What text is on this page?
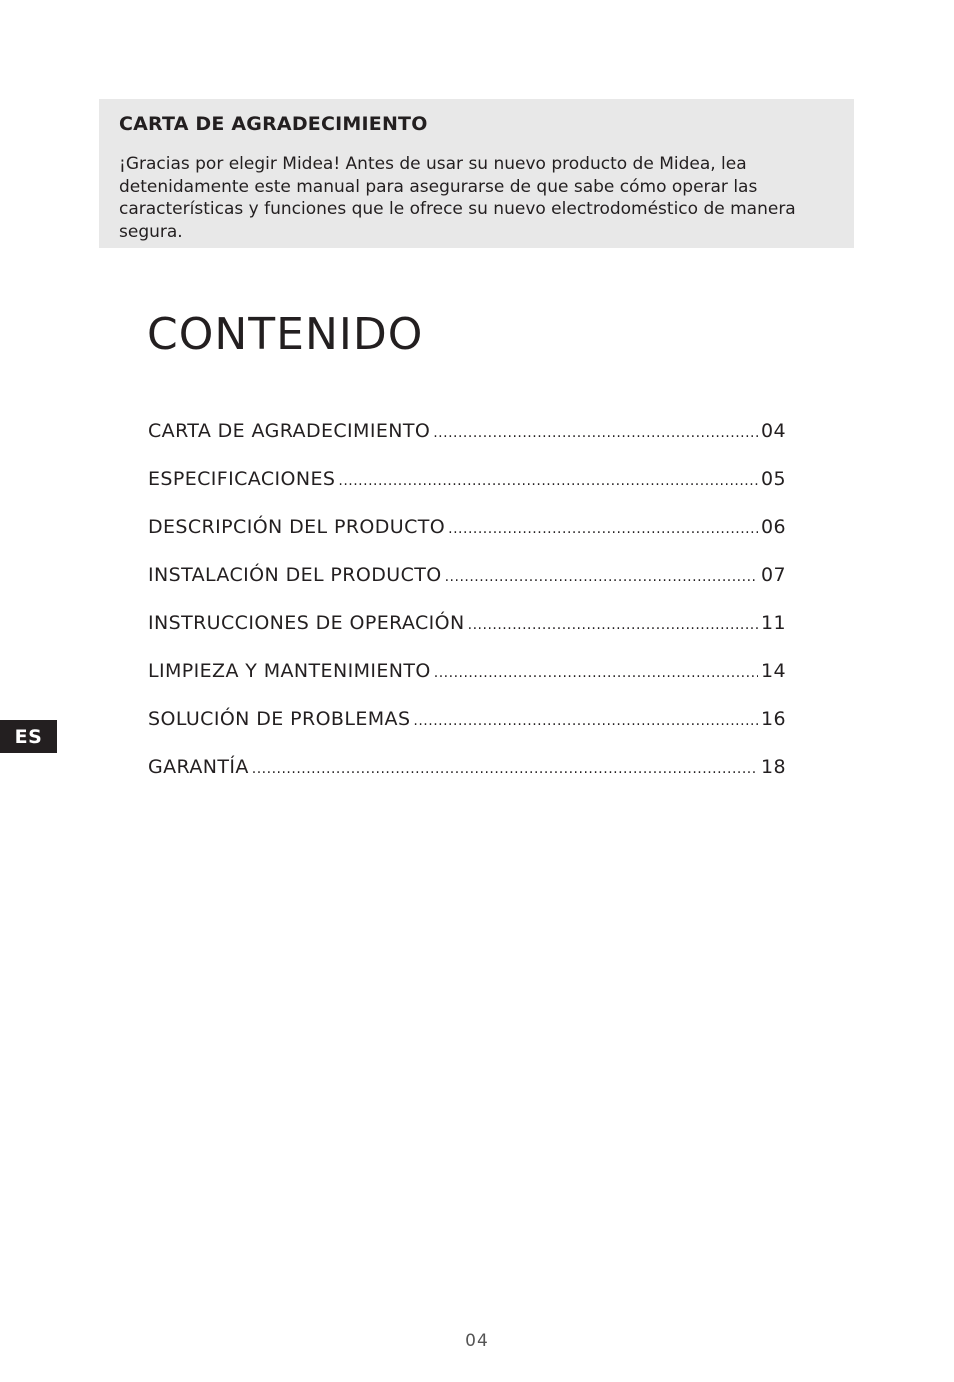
CARTA DE AGRADECIMIENTO

¡Gracias por elegir Midea! Antes de usar su nuevo producto de Midea, lea detenidamente este manual para asegurarse de que sabe cómo operar las características y funciones que le ofrece su nuevo electrodoméstico de manera segura.

CONTENIDO
CARTA DE AGRADECIMIENTO .....	04
ESPECIFICACIONES .....	05
DESCRIPCIÓN DEL PRODUCTO .....	06
INSTALACIÓN DEL PRODUCTO .....	07
INSTRUCCIONES DE OPERACIÓN .....	11
LIMPIEZA Y MANTENIMIENTO .....	14
SOLUCIÓN DE PROBLEMAS .....	16
GARANTÍA .....	18
ES
04
